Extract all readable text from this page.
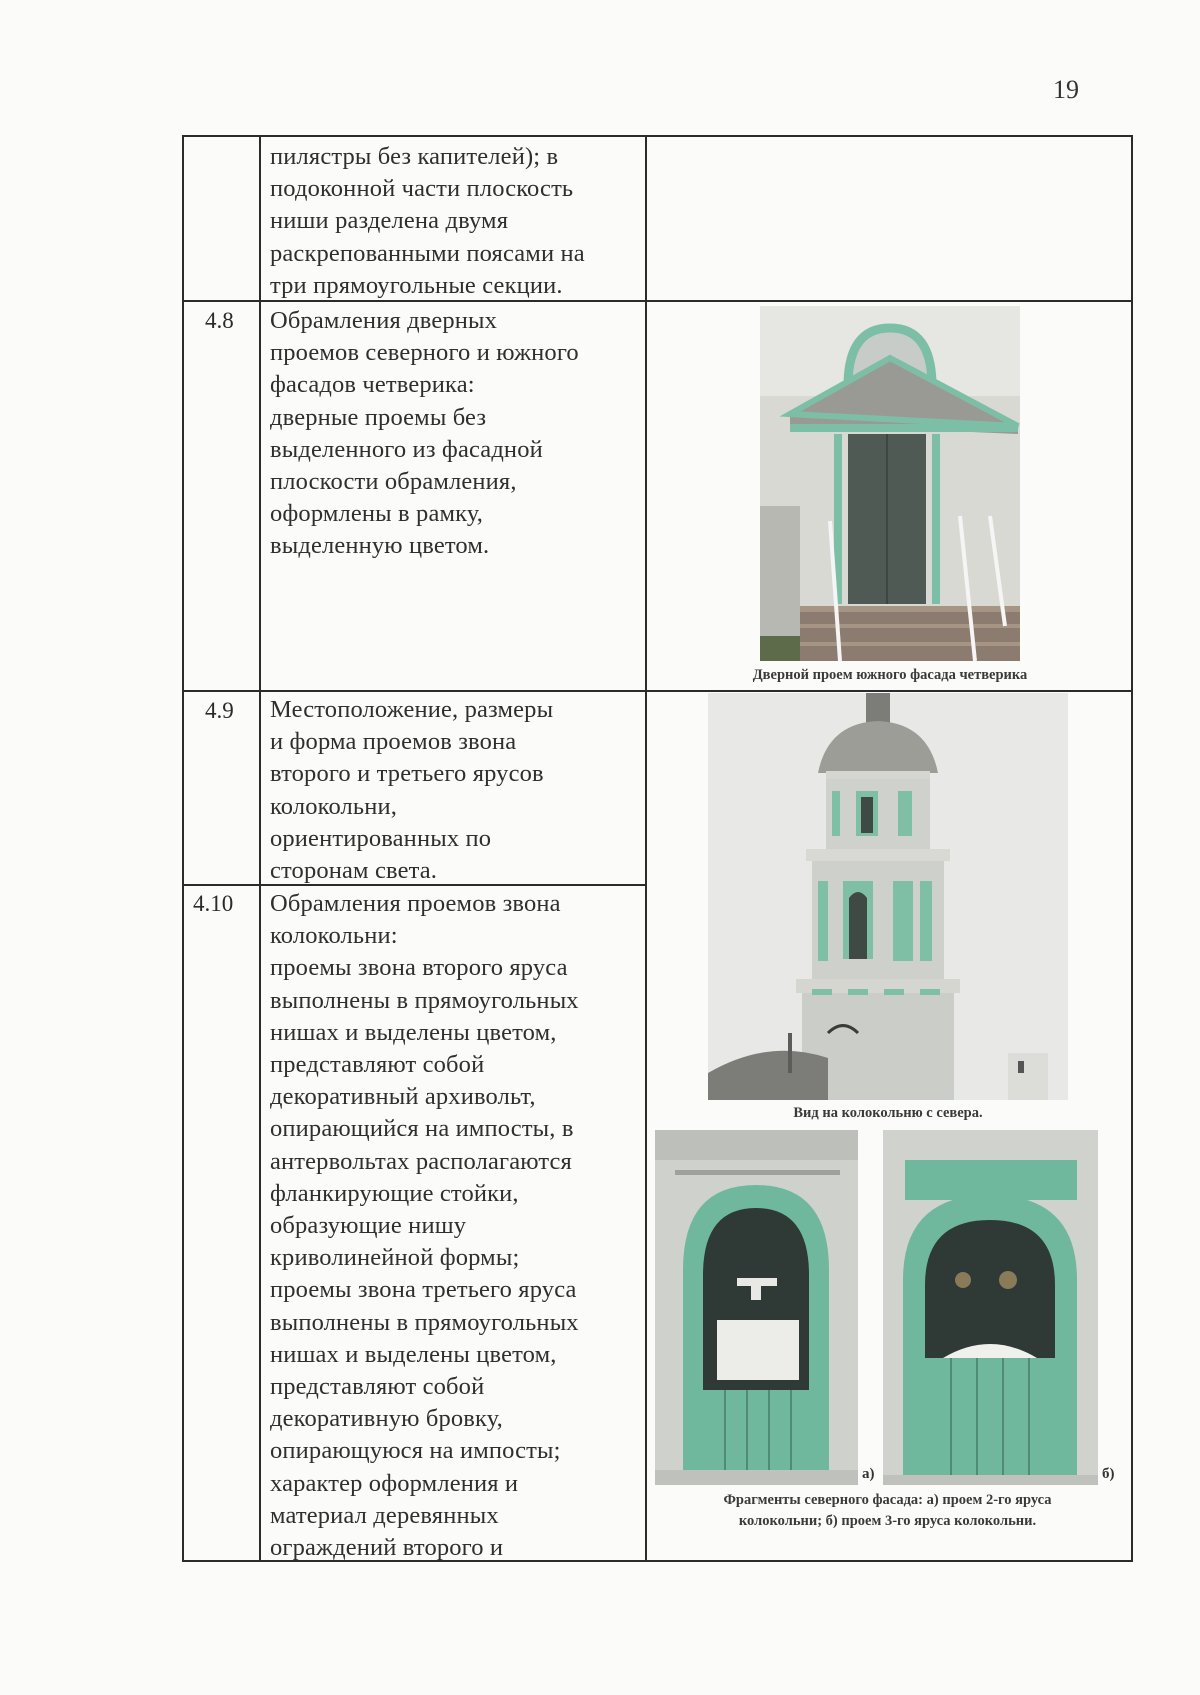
19
4.8
4.9
4.10
пилястры без капителей); в
подоконной части плоскость
ниши разделена двумя
раскрепованными поясами на
три прямоугольные секции.
Обрамления дверных
проемов северного и южного
фасадов четверика:
дверные проемы без
выделенного из фасадной
плоскости обрамления,
оформлены в рамку,
выделенную цветом.
Местоположение, размеры
и форма проемов звона
второго и третьего ярусов
колокольни,
ориентированных по
сторонам света.
Обрамления проемов звона
колокольни:
проемы звона второго яруса
выполнены в прямоугольных
нишах и выделены цветом,
представляют собой
декоративный архивольт,
опирающийся на импосты, в
антервольтах располагаются
фланкирующие стойки,
образующие нишу
криволинейной формы;
проемы звона третьего яруса
выполнены в прямоугольных
нишах и выделены цветом,
представляют собой
декоративную бровку,
опирающуюся на импосты;
характер оформления и
материал деревянных
ограждений второго и
Дверной проем южного фасада четверика
Вид на колокольню с севера.
а)	б)
Фрагменты северного фасада: а) проем 2-го яруса
колокольни; б) проем 3-го яруса колокольни.
